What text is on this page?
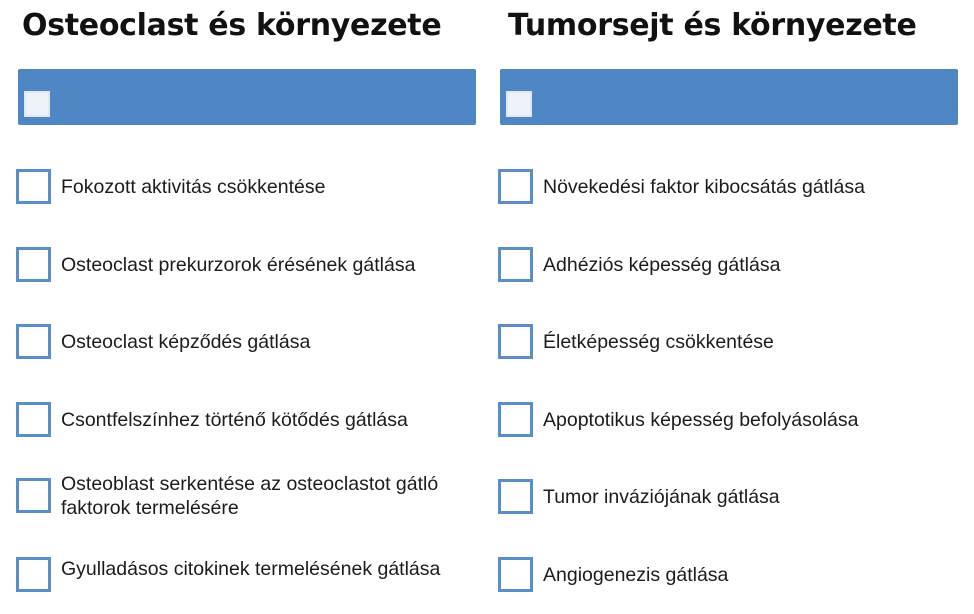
Osteoclast és környezete
Fokozott aktivitás csökkentése
Osteoclast prekurzorok érésének gátlása
Osteoclast képződés gátlása
Csontfelszínhez történő kötődés gátlása
Osteoblast serkentése az osteoclastot gátló faktorok termelésére
Gyulladásos citokinek termelésének gátlása
Tumorsejt és környezete
Növekedési faktor kibocsátás gátlása
Adhéziós képesség gátlása
Életképesség csökkentése
Apoptotikus képesség befolyásolása
Tumor inváziójának gátlása
Angiogenezis gátlása
